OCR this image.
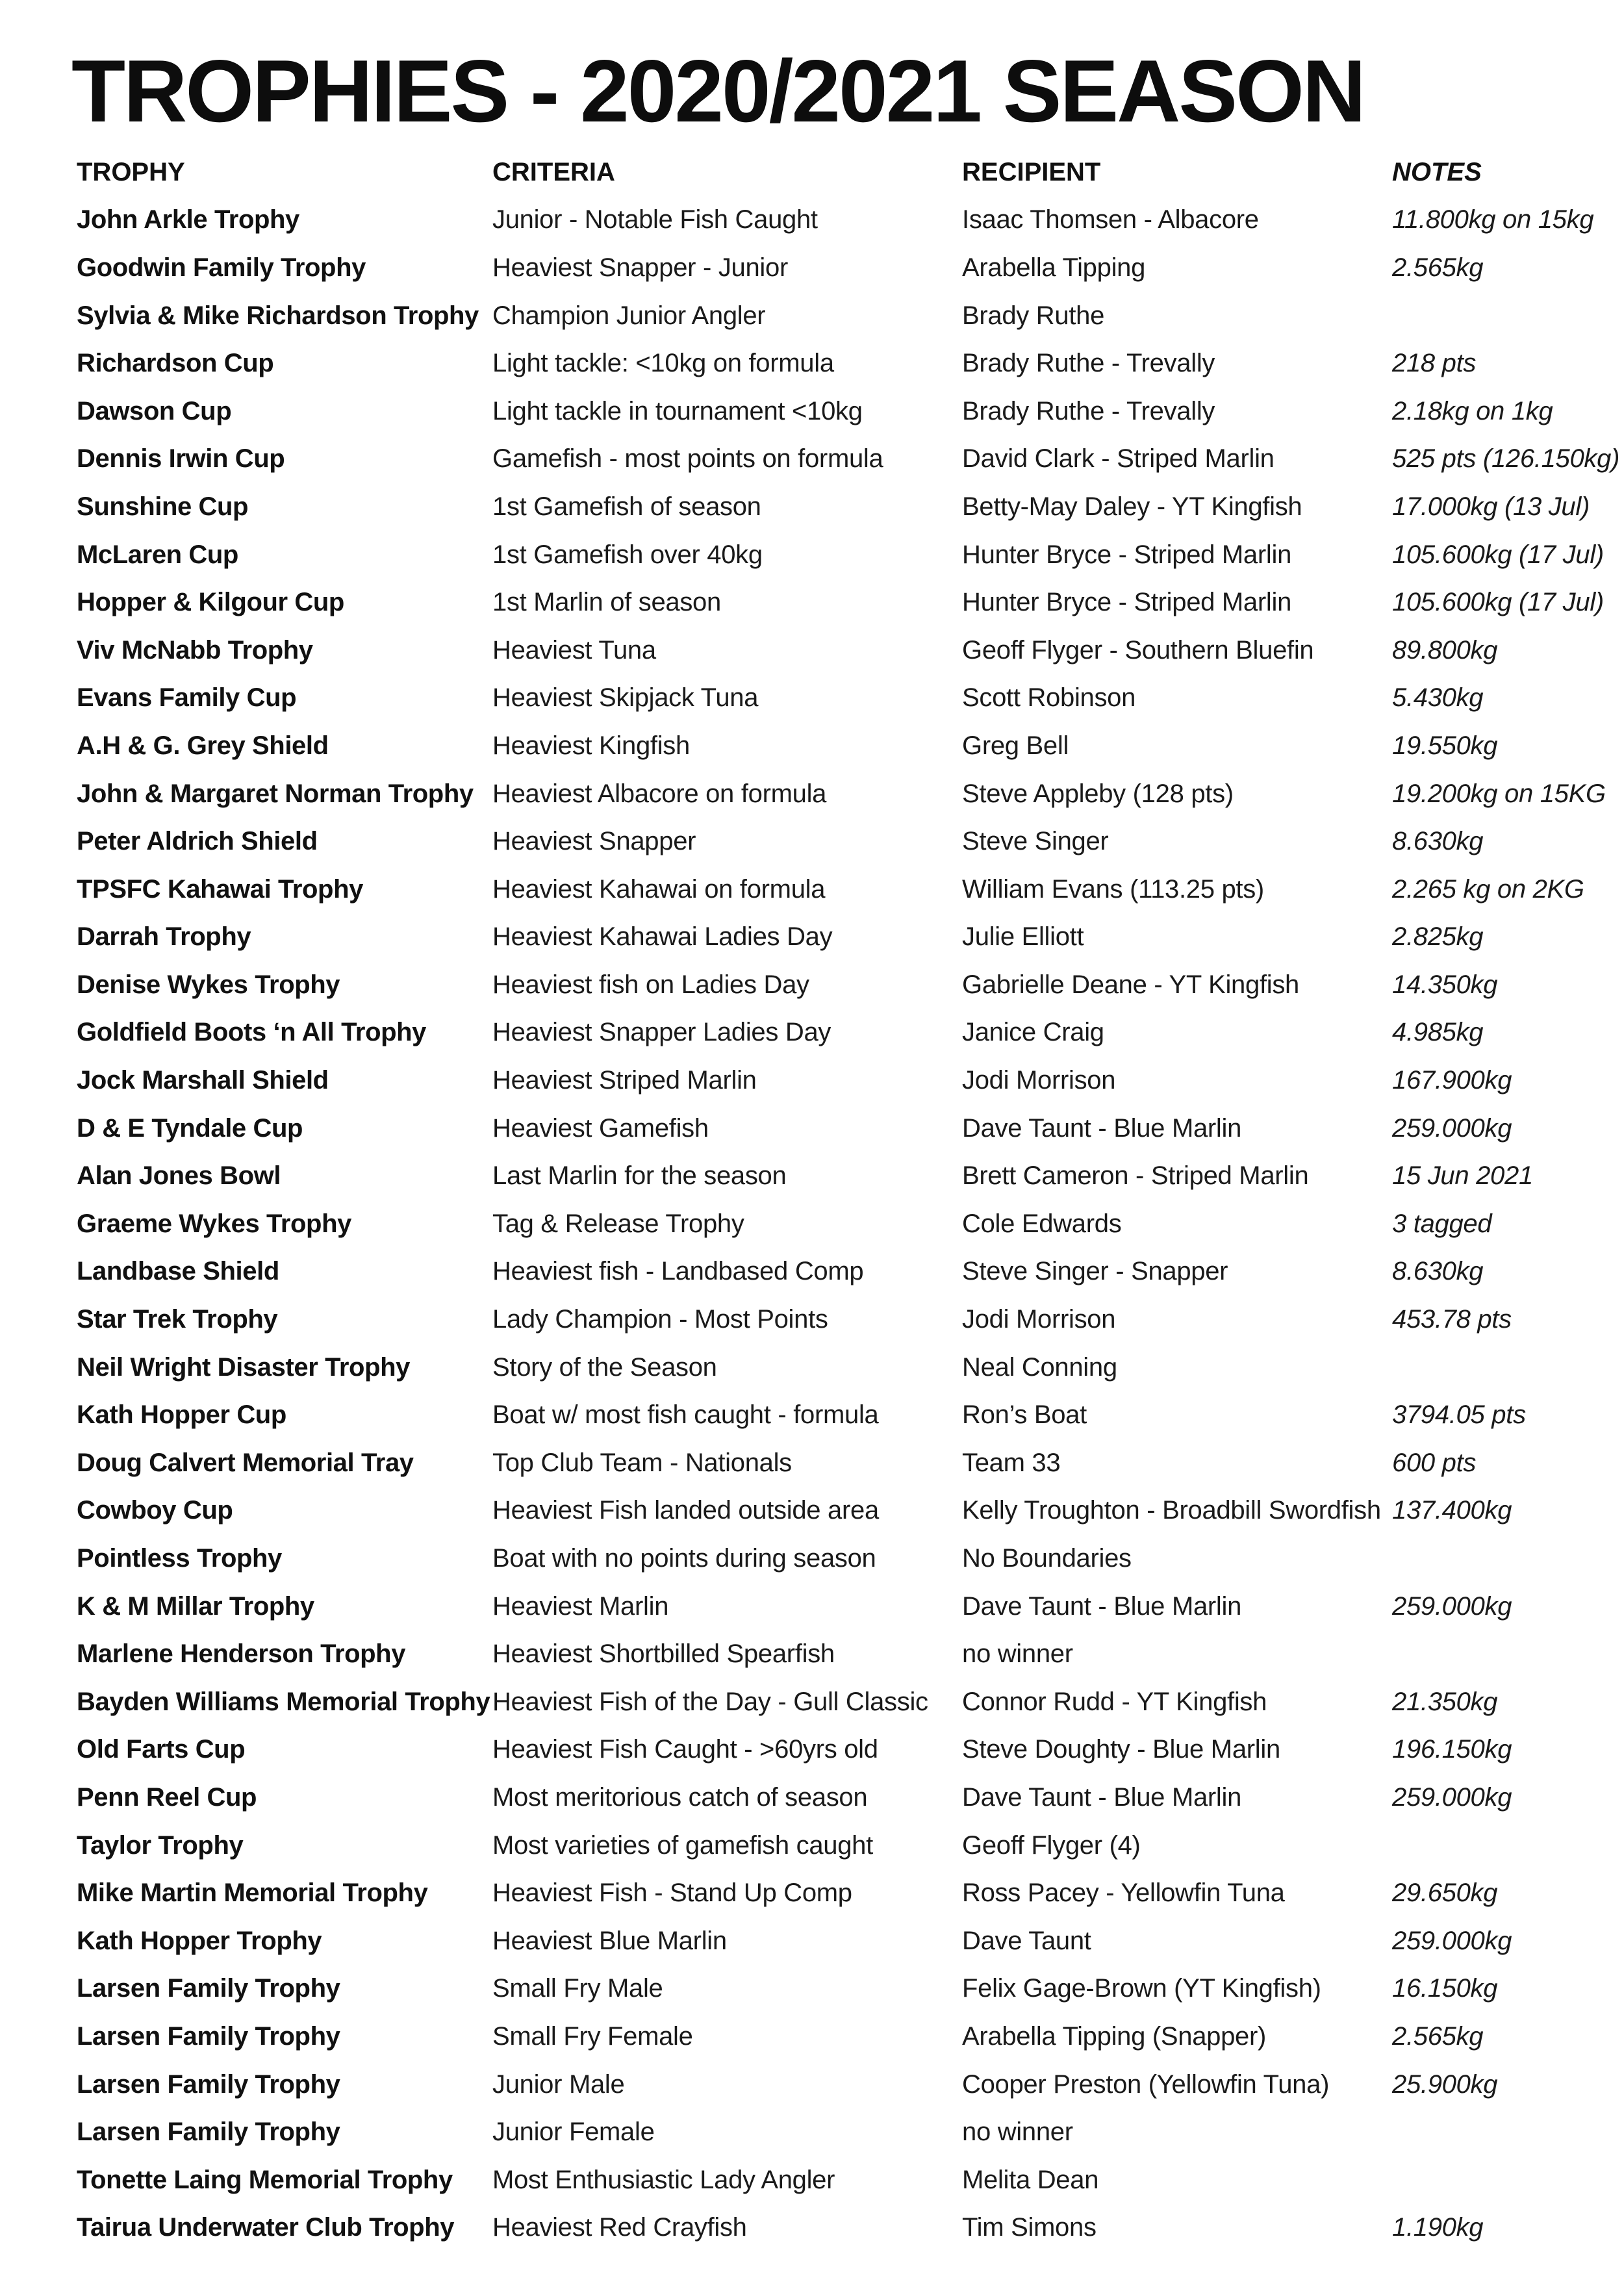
TROPHIES - 2020/2021 SEASON
TROPHY	CRITERIA	RECIPIENT	NOTES
John Arkle Trophy	Junior - Notable Fish Caught	Isaac Thomsen - Albacore	11.800kg on 15kg
Goodwin Family Trophy	Heaviest Snapper - Junior	Arabella Tipping	2.565kg
Sylvia & Mike Richardson Trophy	Champion Junior Angler	Brady Ruthe	
Richardson Cup	Light tackle: <10kg on formula	Brady Ruthe - Trevally	218 pts
Dawson Cup	Light tackle in tournament <10kg	Brady Ruthe - Trevally	2.18kg on 1kg
Dennis Irwin Cup	Gamefish - most points on formula	David Clark - Striped Marlin	525 pts (126.150kg)
Sunshine Cup	1st Gamefish of season	Betty-May Daley - YT Kingfish	17.000kg (13 Jul)
McLaren Cup	1st Gamefish over 40kg	Hunter Bryce - Striped Marlin	105.600kg (17 Jul)
Hopper & Kilgour Cup	1st Marlin of season	Hunter Bryce - Striped Marlin	105.600kg (17 Jul)
Viv McNabb Trophy	Heaviest Tuna	Geoff Flyger - Southern Bluefin	89.800kg
Evans Family Cup	Heaviest Skipjack Tuna	Scott Robinson	5.430kg
A.H & G. Grey Shield	Heaviest Kingfish	Greg Bell	19.550kg
John & Margaret Norman Trophy	Heaviest Albacore on formula	Steve Appleby (128 pts)	19.200kg on 15KG
Peter Aldrich Shield	Heaviest Snapper	Steve Singer	8.630kg
TPSFC Kahawai Trophy	Heaviest Kahawai on formula	William Evans (113.25 pts)	2.265 kg on 2KG
Darrah Trophy	Heaviest Kahawai Ladies Day	Julie Elliott	2.825kg
Denise Wykes Trophy	Heaviest fish on Ladies Day	Gabrielle Deane - YT Kingfish	14.350kg
Goldfield Boots ‘n All Trophy	Heaviest Snapper Ladies Day	Janice Craig	4.985kg
Jock Marshall Shield	Heaviest Striped Marlin	Jodi Morrison	167.900kg
D & E Tyndale Cup	Heaviest Gamefish	Dave Taunt - Blue Marlin	259.000kg
Alan Jones Bowl	Last Marlin for the season	Brett Cameron - Striped Marlin	15 Jun 2021
Graeme Wykes Trophy	Tag & Release Trophy	Cole Edwards	3 tagged
Landbase Shield	Heaviest fish - Landbased Comp	Steve Singer - Snapper	8.630kg
Star Trek Trophy	Lady Champion - Most Points	Jodi Morrison	453.78 pts
Neil Wright Disaster Trophy	Story of the Season	Neal Conning	
Kath Hopper Cup	Boat w/ most fish caught - formula	Ron’s Boat	3794.05 pts
Doug Calvert Memorial Tray	Top Club Team - Nationals	Team 33	600 pts
Cowboy Cup	Heaviest Fish landed outside area	Kelly Troughton - Broadbill Swordfish	137.400kg
Pointless Trophy	Boat with no points during season	No Boundaries	
K & M Millar Trophy	Heaviest Marlin	Dave Taunt - Blue Marlin	259.000kg
Marlene Henderson Trophy	Heaviest Shortbilled Spearfish	no winner	
Bayden Williams Memorial Trophy	Heaviest Fish of the Day - Gull Classic	Connor Rudd - YT Kingfish	21.350kg
Old Farts Cup	Heaviest Fish Caught - >60yrs old	Steve Doughty - Blue Marlin	196.150kg
Penn Reel Cup	Most meritorious catch of season	Dave Taunt - Blue Marlin	259.000kg
Taylor Trophy	Most varieties of gamefish caught	Geoff Flyger (4)	
Mike Martin Memorial Trophy	Heaviest Fish - Stand Up Comp	Ross Pacey - Yellowfin Tuna	29.650kg
Kath Hopper Trophy	Heaviest Blue Marlin	Dave Taunt	259.000kg
Larsen Family Trophy	Small Fry Male	Felix Gage-Brown (YT Kingfish)	16.150kg
Larsen Family Trophy	Small Fry Female	Arabella Tipping (Snapper)	2.565kg
Larsen Family Trophy	Junior Male	Cooper Preston (Yellowfin Tuna)	25.900kg
Larsen Family Trophy	Junior Female	no winner	
Tonette Laing Memorial Trophy	Most Enthusiastic Lady Angler	Melita Dean	
Tairua Underwater Club Trophy	Heaviest Red Crayfish	Tim Simons	1.190kg
